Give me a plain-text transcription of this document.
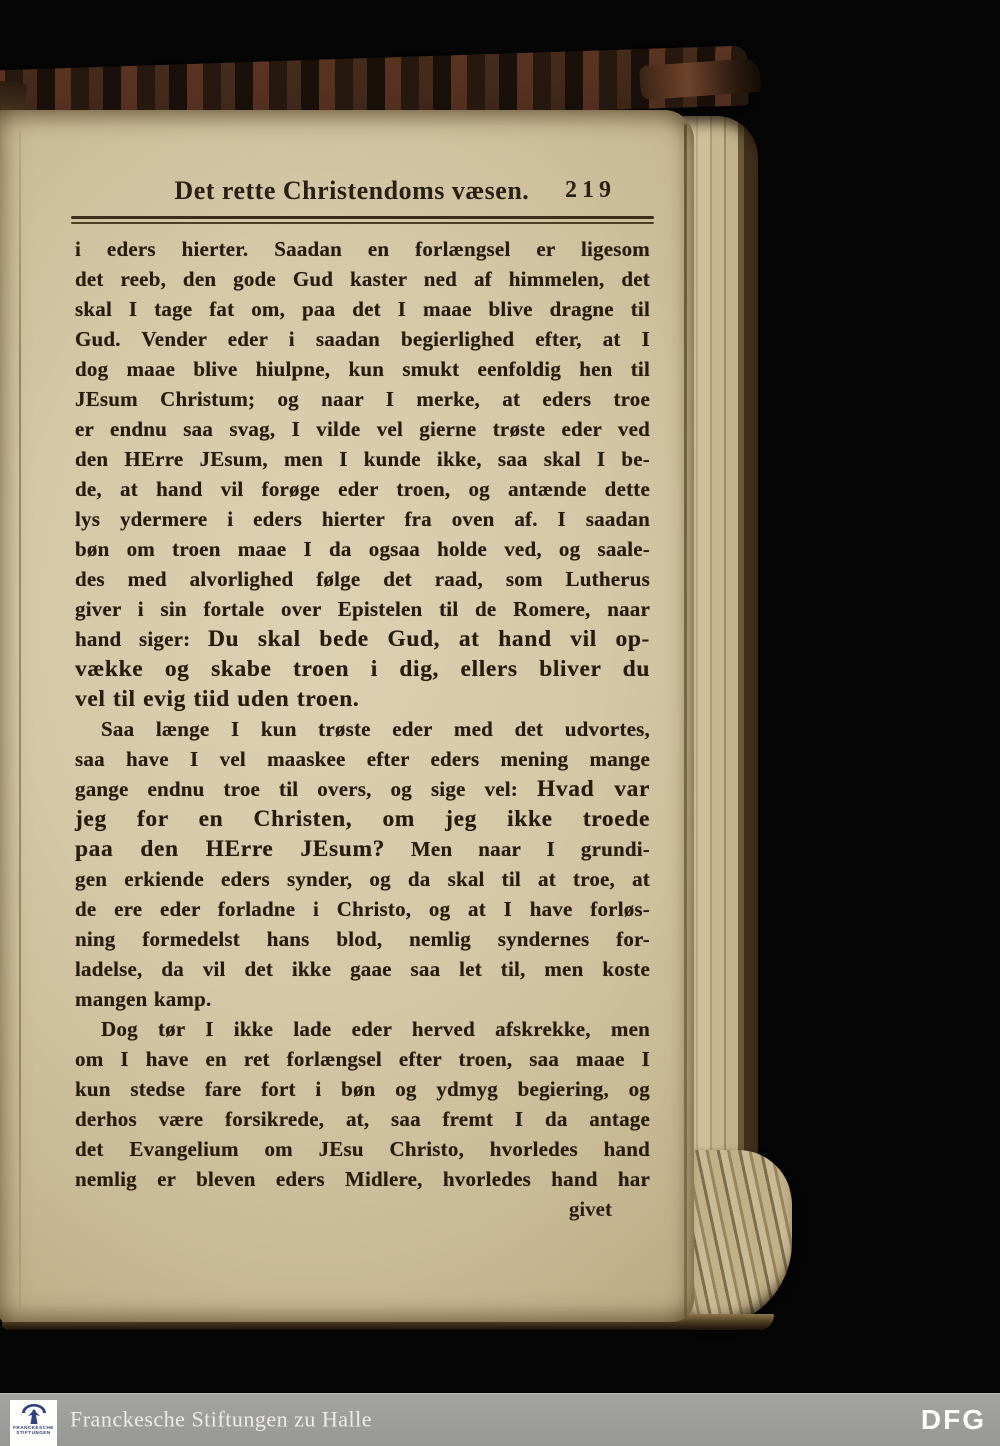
Det rette Christendoms væsen. 219
i eders hierter. Saadan en forlængsel er ligesom
det reeb, den gode Gud kaster ned af himmelen, det
skal I tage fat om, paa det I maae blive dragne til
Gud. Vender eder i saadan begierlighed efter, at I
dog maae blive hiulpne, kun smukt eenfoldig hen til
JEsum Christum; og naar I merke, at eders troe
er endnu saa svag, I vilde vel gierne trøste eder ved
den HErre JEsum, men I kunde ikke, saa skal I be-
de, at hand vil forøge eder troen, og antænde dette
lys ydermere i eders hierter fra oven af. I saadan
bøn om troen maae I da ogsaa holde ved, og saale-
des med alvorlighed følge det raad, som Lutherus
giver i sin fortale over Epistelen til de Romere, naar
hand siger: Du skal bede Gud, at hand vil op-
vække og skabe troen i dig, ellers bliver du
vel til evig tiid uden troen.
Saa længe I kun trøste eder med det udvortes,
saa have I vel maaskee efter eders mening mange
gange endnu troe til overs, og sige vel: Hvad var
jeg for en Christen, om jeg ikke troede
paa den HErre JEsum? Men naar I grundi-
gen erkiende eders synder, og da skal til at troe, at
de ere eder forladne i Christo, og at I have forløs-
ning formedelst hans blod, nemlig syndernes for-
ladelse, da vil det ikke gaae saa let til, men koste
mangen kamp.
Dog tør I ikke lade eder herved afskrekke, men
om I have en ret forlængsel efter troen, saa maae I
kun stedse fare fort i bøn og ydmyg begiering, og
derhos være forsikrede, at, saa fremt I da antage
det Evangelium om JEsu Christo, hvorledes hand
nemlig er bleven eders Midlere, hvorledes hand har
givet
FRANCKESCHE
STIFTUNGEN
Franckesche Stiftungen zu Halle	DFG
